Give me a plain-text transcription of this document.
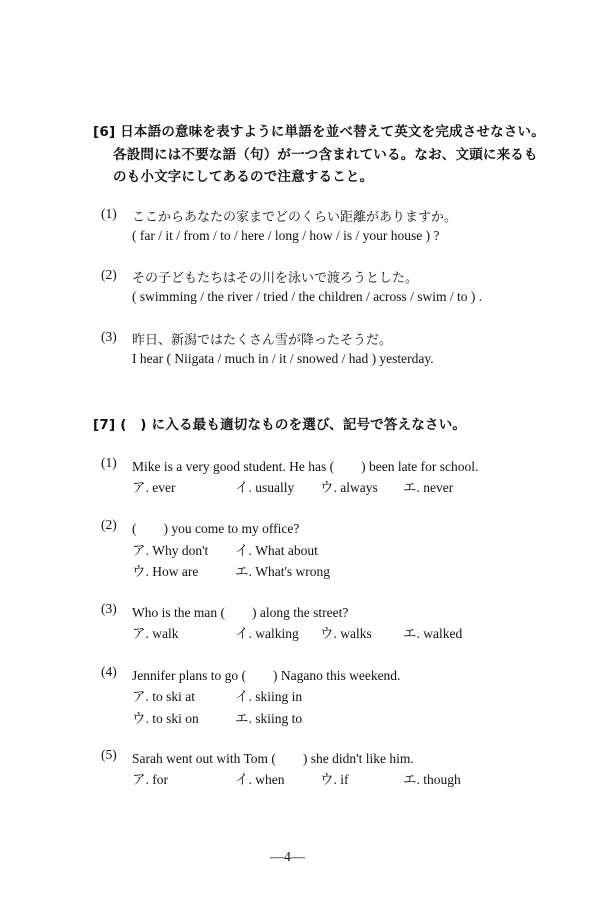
[6] 日本語の意味を表すように単語を並べ替えて英文を完成させなさい。
各設問には不要な語（句）が一つ含まれている。なお、文頭に来るも
のも小文字にしてあるので注意すること。
(1) ここからあなたの家までどのくらい距離がありますか。
( far / it / from / to / here / long / how / is / your house ) ?
(2) その子どもたちはその川を泳いで渡ろうとした。
( swimming / the river / tried / the children / across / swim / to ) .
(3) 昨日、新潟ではたくさん雪が降ったそうだ。
I hear ( Niigata / much in / it / snowed / had ) yesterday.
[7] (　) に入る最も適切なものを選び、記号で答えなさい。
(1) Mike is a very good student. He has (　　) been late for school.
ア. ever	イ. usually ウ. always エ. never
(2) (　　) you come to my office?
ア. Why don't イ. What about
ウ. How are	エ. What's wrong
(3) Who is the man (　　) along the street?
ア. walk	イ. walking ウ. walks エ. walked
(4) Jennifer plans to go (　　) Nagano this weekend.
ア. to ski at	イ. skiing in
ウ. to ski on	エ. skiing to
(5) Sarah went out with Tom (　　) she didn't like him.
ア. for	イ. when	ウ. if	エ. though
—4—
